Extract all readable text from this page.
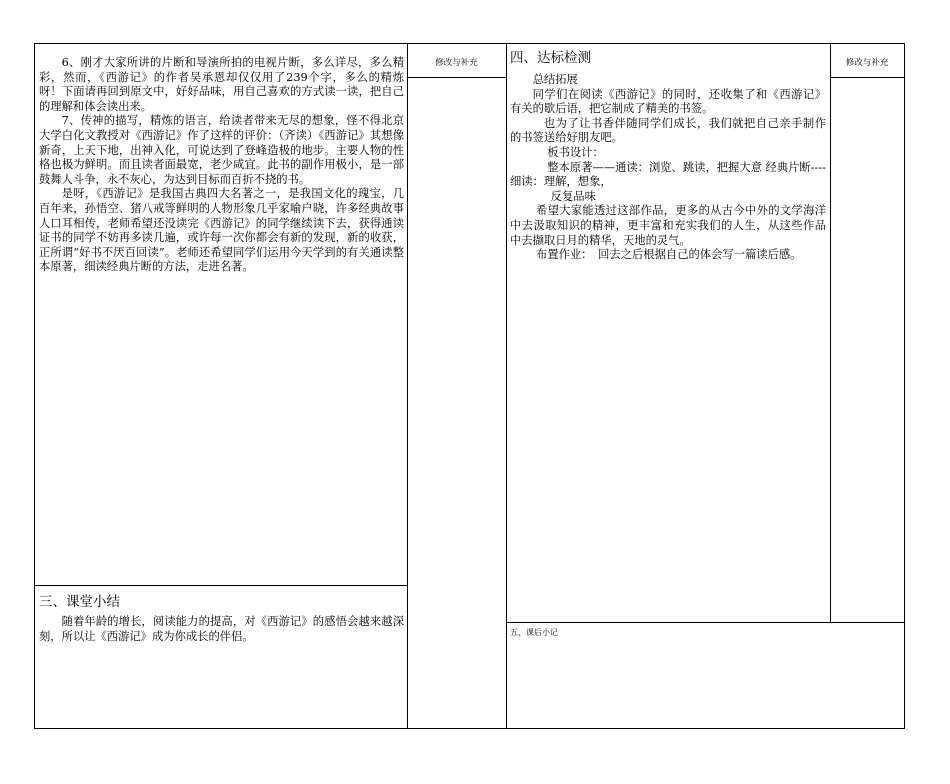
6、刚才大家所讲的片断和导演所拍的电视片断，多么详尽，多么精彩，然而，《西游记》的作者吴承恩却仅仅用了239个字，多么的精炼呀！下面请再回到原文中，好好品味，用自己喜欢的方式读一读，把自己的理解和体会读出来。

7、传神的描写，精炼的语言，给读者带来无尽的想象，怪不得北京大学白化文教授对《西游记》作了这样的评价：（齐读）《西游记》其想像新奇，上天下地，出神入化，可说达到了登峰造极的地步。主要人物的性格也极为鲜明。而且读者面最宽，老少咸宜。此书的副作用极小，是一部鼓舞人斗争，永不灰心，为达到目标而百折不挠的书。

是呀，《西游记》是我国古典四大名著之一，是我国文化的瑰宝，几百年来，孙悟空、猪八戒等鲜明的人物形象几乎家喻户晓，许多经典故事人口耳相传，老师希望还没读完《西游记》的同学继续读下去，获得通读证书的同学不妨再多读几遍，或许每一次你都会有新的发现，新的收获，正所谓“好书不厌百回读”。老师还希望同学们运用今天学到的有关通读整本原著，细读经典片断的方法，走进名著。

三、课堂小结

随着年龄的增长，阅读能力的提高，对《西游记》的感悟会越来越深刻，所以让《西游记》成为你成长的伴侣。

修改与补充	四、达标检测

总结拓展

同学们在阅读《西游记》的同时，还收集了和《西游记》有关的歇后语，把它制成了精美的书签。

也为了让书香伴随同学们成长，我们就把自己亲手制作的书签送给好朋友吧。

板书设计：

整本原著——通读：浏览、跳读，把握大意 经典片断----细读：理解，想象，

反复品味

希望大家能透过这部作品，更多的从古今中外的文学海洋中去汲取知识的精神，更丰富和充实我们的人生，从这些作品中去撷取日月的精华，天地的灵气。

布置作业：　回去之后根据自己的体会写一篇读后感。

五、课后小记
修改与补充
